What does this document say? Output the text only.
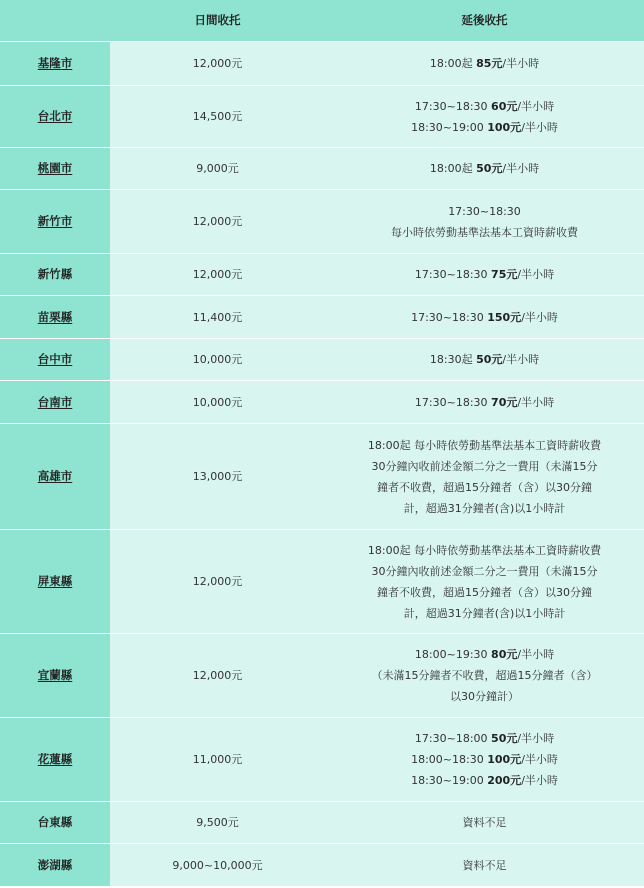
	日間收托	延後收托
基隆市	12,000元	18:00起 85元/半小時

台北市	14,500元	17:30~18:30 60元/半小時
18:30~19:00 100元/半小時

桃園市	9,000元	18:00起 50元/半小時

新竹市	12,000元	17:30~18:30
每小時依勞動基準法基本工資時薪收費

新竹縣	12,000元	17:30~18:30 75元/半小時

苗栗縣	11,400元	17:30~18:30 150元/半小時

台中市	10,000元	18:30起 50元/半小時

台南市	10,000元	17:30~18:30 70元/半小時

高雄市	13,000元	18:00起 每小時依勞動基準法基本工資時薪收費
30分鐘內收前述金額二分之一費用（未滿15分
鐘者不收費，超過15分鐘者（含）以30分鐘
計，超過31分鐘者(含)以1小時計

屏東縣	12,000元	18:00起 每小時依勞動基準法基本工資時薪收費
30分鐘內收前述金額二分之一費用（未滿15分
鐘者不收費，超過15分鐘者（含）以30分鐘
計，超過31分鐘者(含)以1小時計

宜蘭縣	12,000元	18:00~19:30 80元/半小時
（未滿15分鐘者不收費，超過15分鐘者（含）
以30分鐘計）

花蓮縣	11,000元	17:30~18:00 50元/半小時
18:00~18:30 100元/半小時
18:30~19:00 200元/半小時

台東縣	9,500元	資料不足

澎湖縣	9,000~10,000元	資料不足
